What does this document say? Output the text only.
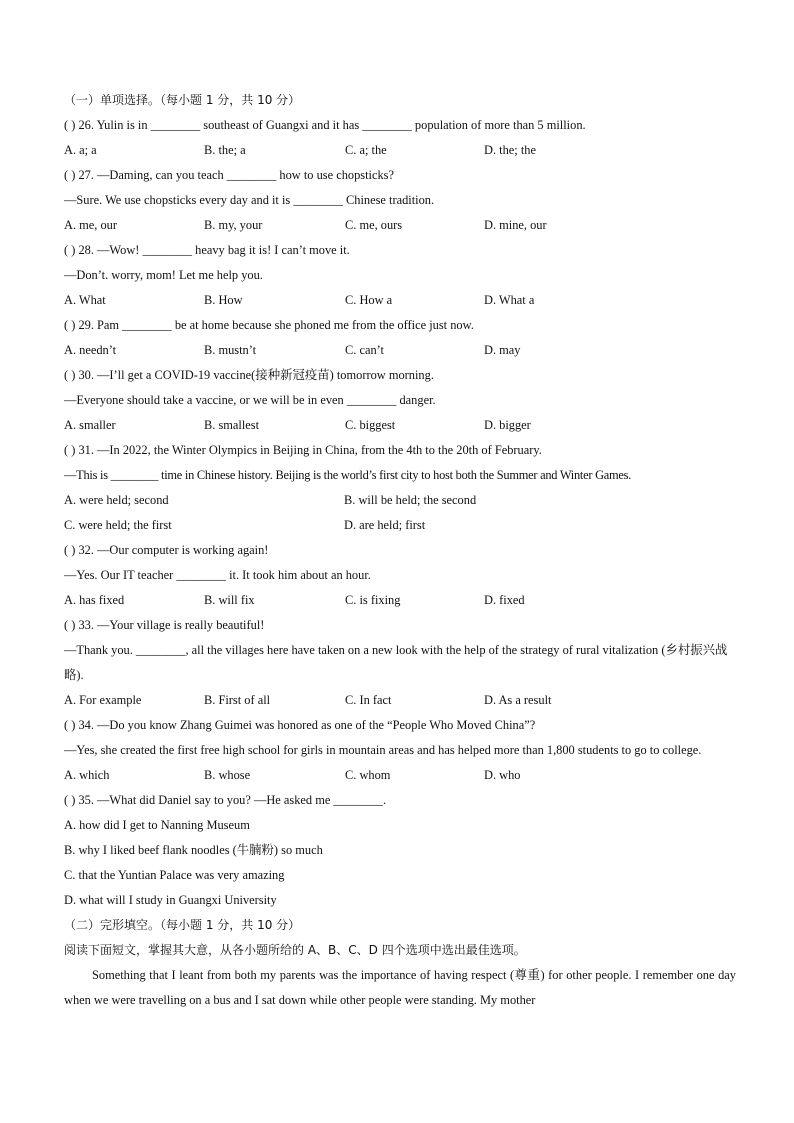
（一）单项选择。（每小题 1 分，共 10 分）
( ) 26. Yulin is in ________ southeast of Guangxi and it has ________ population of more than 5 million.
A. a; a	B. the; a	C. a; the	D. the; the
( ) 27. —Daming, can you teach ________ how to use chopsticks?
—Sure. We use chopsticks every day and it is ________ Chinese tradition.
A. me, our	B. my, your	C. me, ours	D. mine, our
( ) 28. —Wow! ________ heavy bag it is! I can’t move it.
—Don’t. worry, mom! Let me help you.
A. What	B. How	C. How a	D. What a
( ) 29. Pam ________ be at home because she phoned me from the office just now.
A. needn’t	B. mustn’t	C. can’t	D. may
( ) 30. —I’ll get a COVID-19 vaccine(接种新冠疫苗) tomorrow morning.
—Everyone should take a vaccine, or we will be in even ________ danger.
A. smaller	B. smallest	C. biggest	D. bigger
( ) 31. —In 2022, the Winter Olympics in Beijing in China, from the 4th to the 20th of February.
—This is ________ time in Chinese history. Beijing is the world’s first city to host both the Summer and Winter Games.
A. were held; second	B. will be held; the second
C. were held; the first	D. are held; first
( ) 32. —Our computer is working again!
—Yes. Our IT teacher ________ it. It took him about an hour.
A. has fixed	B. will fix	C. is fixing	D. fixed
( ) 33. —Your village is really beautiful!
—Thank you. ________, all the villages here have taken on a new look with the help of the strategy of rural vitalization (乡村振兴战略).
A. For example	B. First of all	C. In fact	D. As a result
( ) 34. —Do you know Zhang Guimei was honored as one of the “People Who Moved China”?
—Yes, she created the first free high school for girls in mountain areas and has helped more than 1,800 students to go to college.
A. which	B. whose	C. whom	D. who
( ) 35. —What did Daniel say to you? —He asked me ________.
A. how did I get to Nanning Museum
B. why I liked beef flank noodles (牛腩粉) so much
C. that the Yuntian Palace was very amazing
D. what will I study in Guangxi University
（二）完形填空。（每小题 1 分，共 10 分）
阅读下面短文，掌握其大意，从各小题所给的 A、B、C、D 四个选项中选出最佳选项。
Something that I leant from both my parents was the importance of having respect (尊重) for other people. I remember one day when we were travelling on a bus and I sat down while other people were standing. My mother
